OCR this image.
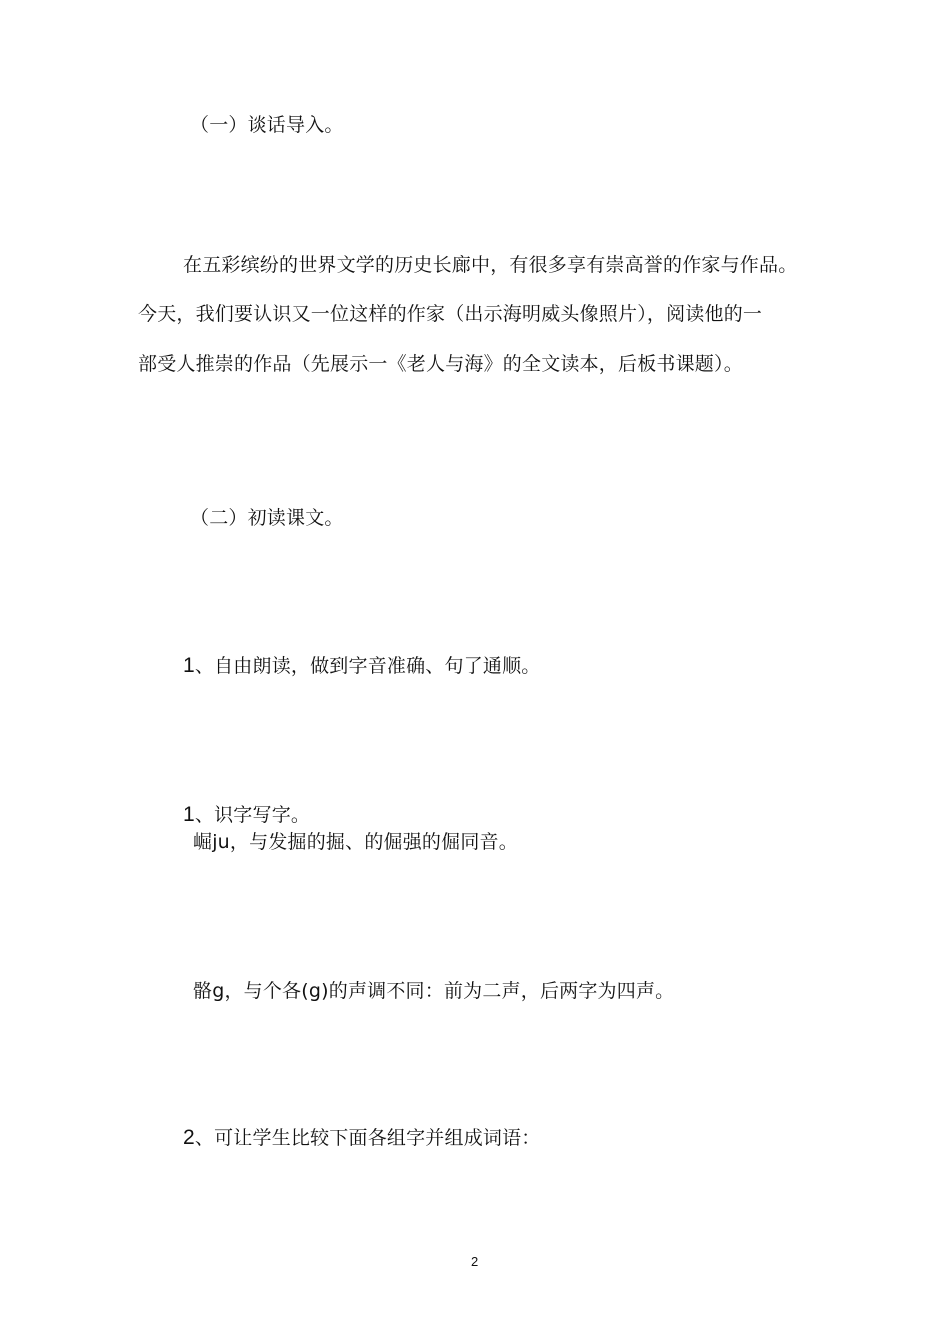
（一）谈话导入。

在五彩缤纷的世界文学的历史长廊中，有很多享有崇高誉的作家与作品。

今天，我们要认识又一位这样的作家（出示海明威头像照片），阅读他的一

部受人推崇的作品（先展示一《老人与海》的全文读本，后板书课题）。

（二）初读课文。

1、自由朗读，做到字音准确、句了通顺。

1、识字写字。

崛ju，与发掘的掘、的倔强的倔同音。

骼g，与个各(g)的声调不同：前为二声，后两字为四声。

2、可让学生比较下面各组字并组成词语：

2
